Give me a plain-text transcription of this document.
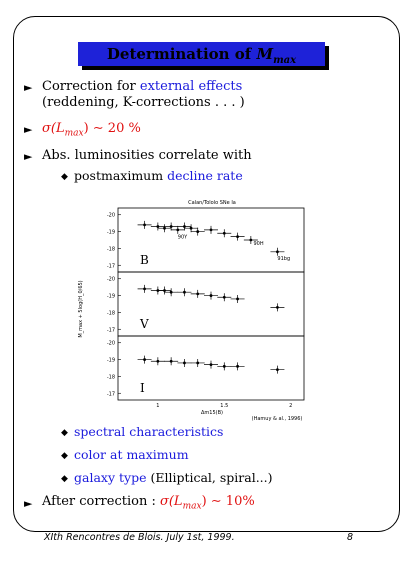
Determination of $M_{max}$
► Correction for external effects
(reddening, K-corrections . . . )
► $\sigma(L_{max})$ ∼ 20 %
► Abs. luminosities correlate with
◆ postmaximum decline rate
Calan/Tololo SNe Ia
-20
-19
-18
-17 B
90Y
90H
91bg
-20
-19
-18
-17 V
-20
-19
-18
-17 I
1	1.5	2
M_max + 5log(H_0/65)
Δm15(B)
(Hamuy & al., 1996)
◆ spectral characteristics
◆ color at maximum
◆ galaxy type (Elliptical, spiral...)
► After correction : $\sigma(L_{max})$ ∼ 10%
XIth Rencontres de Blois. July 1st, 1999.	8
